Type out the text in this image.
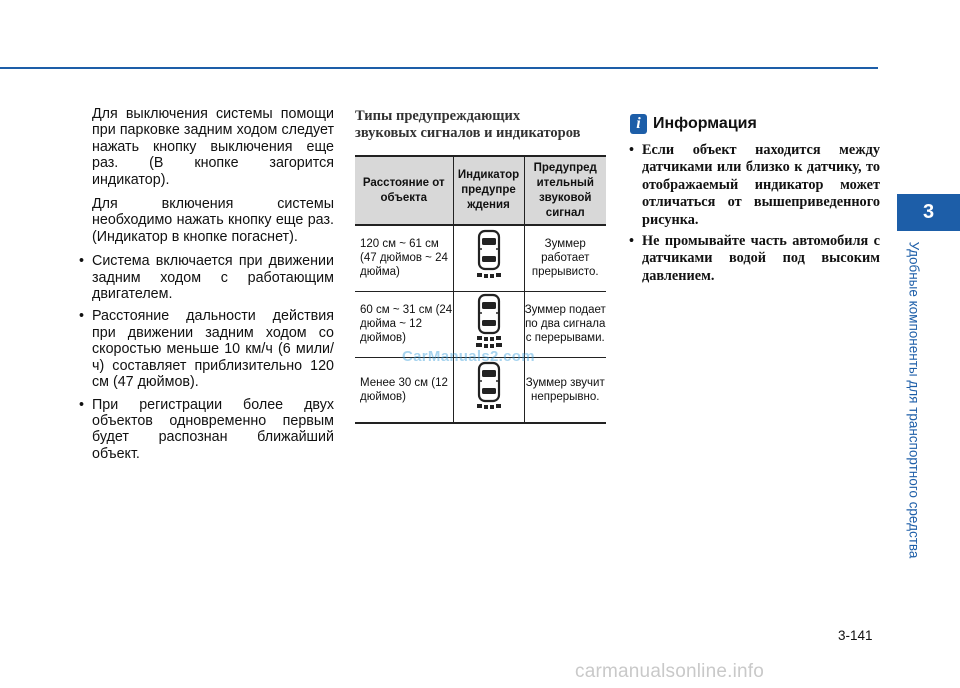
3
Удобные компоненты для транспортного средства

Для выключения системы помощи при парковке задним ходом следует нажать кнопку выключения еще раз. (В кнопке загорится индикатор).

Для включения системы необходимо нажать кнопку еще раз. (Индикатор в кнопке погаснет).

• Система включается при движении задним ходом с работающим двигателем.
• Расстояние дальности действия при движении задним ходом со скоростью меньше 10 км/ч (6 мили/ч) составляет приблизительно 120 см (47 дюймов).
• При регистрации более двух объектов одновременно первым будет распознан ближайший объект.
Типы предупреждающих
звуковых сигналов и индикаторов
Расстояние от объекта	Индикатор предупре ждения	Предупред ительный звуковой сигнал
120 см ~ 61 см (47 дюймов ~ 24 дюйма)		Зуммер работает прерывисто.
60 см ~ 31 см (24 дюйма ~ 12 дюймов)		Зуммер подает по два сигнала с перерывами.
Менее 30 см (12 дюймов)		Зуммер звучит непрерывно.
CarManuals2.com
i Информация
• Если объект находится между датчиками или близко к датчику, то отображаемый индикатор может отличаться от вышеприведенного рисунка.
• Не промывайте часть автомобиля с датчиками водой под высоким давлением.
3-141
carmanualsonline.info
